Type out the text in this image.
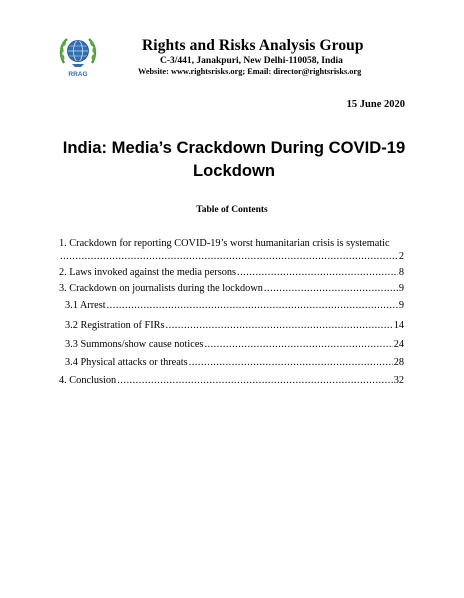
RRAG
Rights and Risks Analysis Group
C-3/441, Janakpuri, New Delhi-110058, India
Website: www.rightsrisks.org; Email: director@rightsrisks.org
15 June 2020
India: Media’s Crackdown During COVID-19 Lockdown
Table of Contents
1. Crackdown for reporting COVID-19’s worst humanitarian crisis is systematic
.....
2
2. Laws invoked against the media persons .....	8
3. Crackdown on journalists during the lockdown .....	9
3.1 Arrest .....	9
3.2 Registration of FIRs .....	14
3.3 Summons/show cause notices .....	24
3.4 Physical attacks or threats .....	28
4. Conclusion .....	32
